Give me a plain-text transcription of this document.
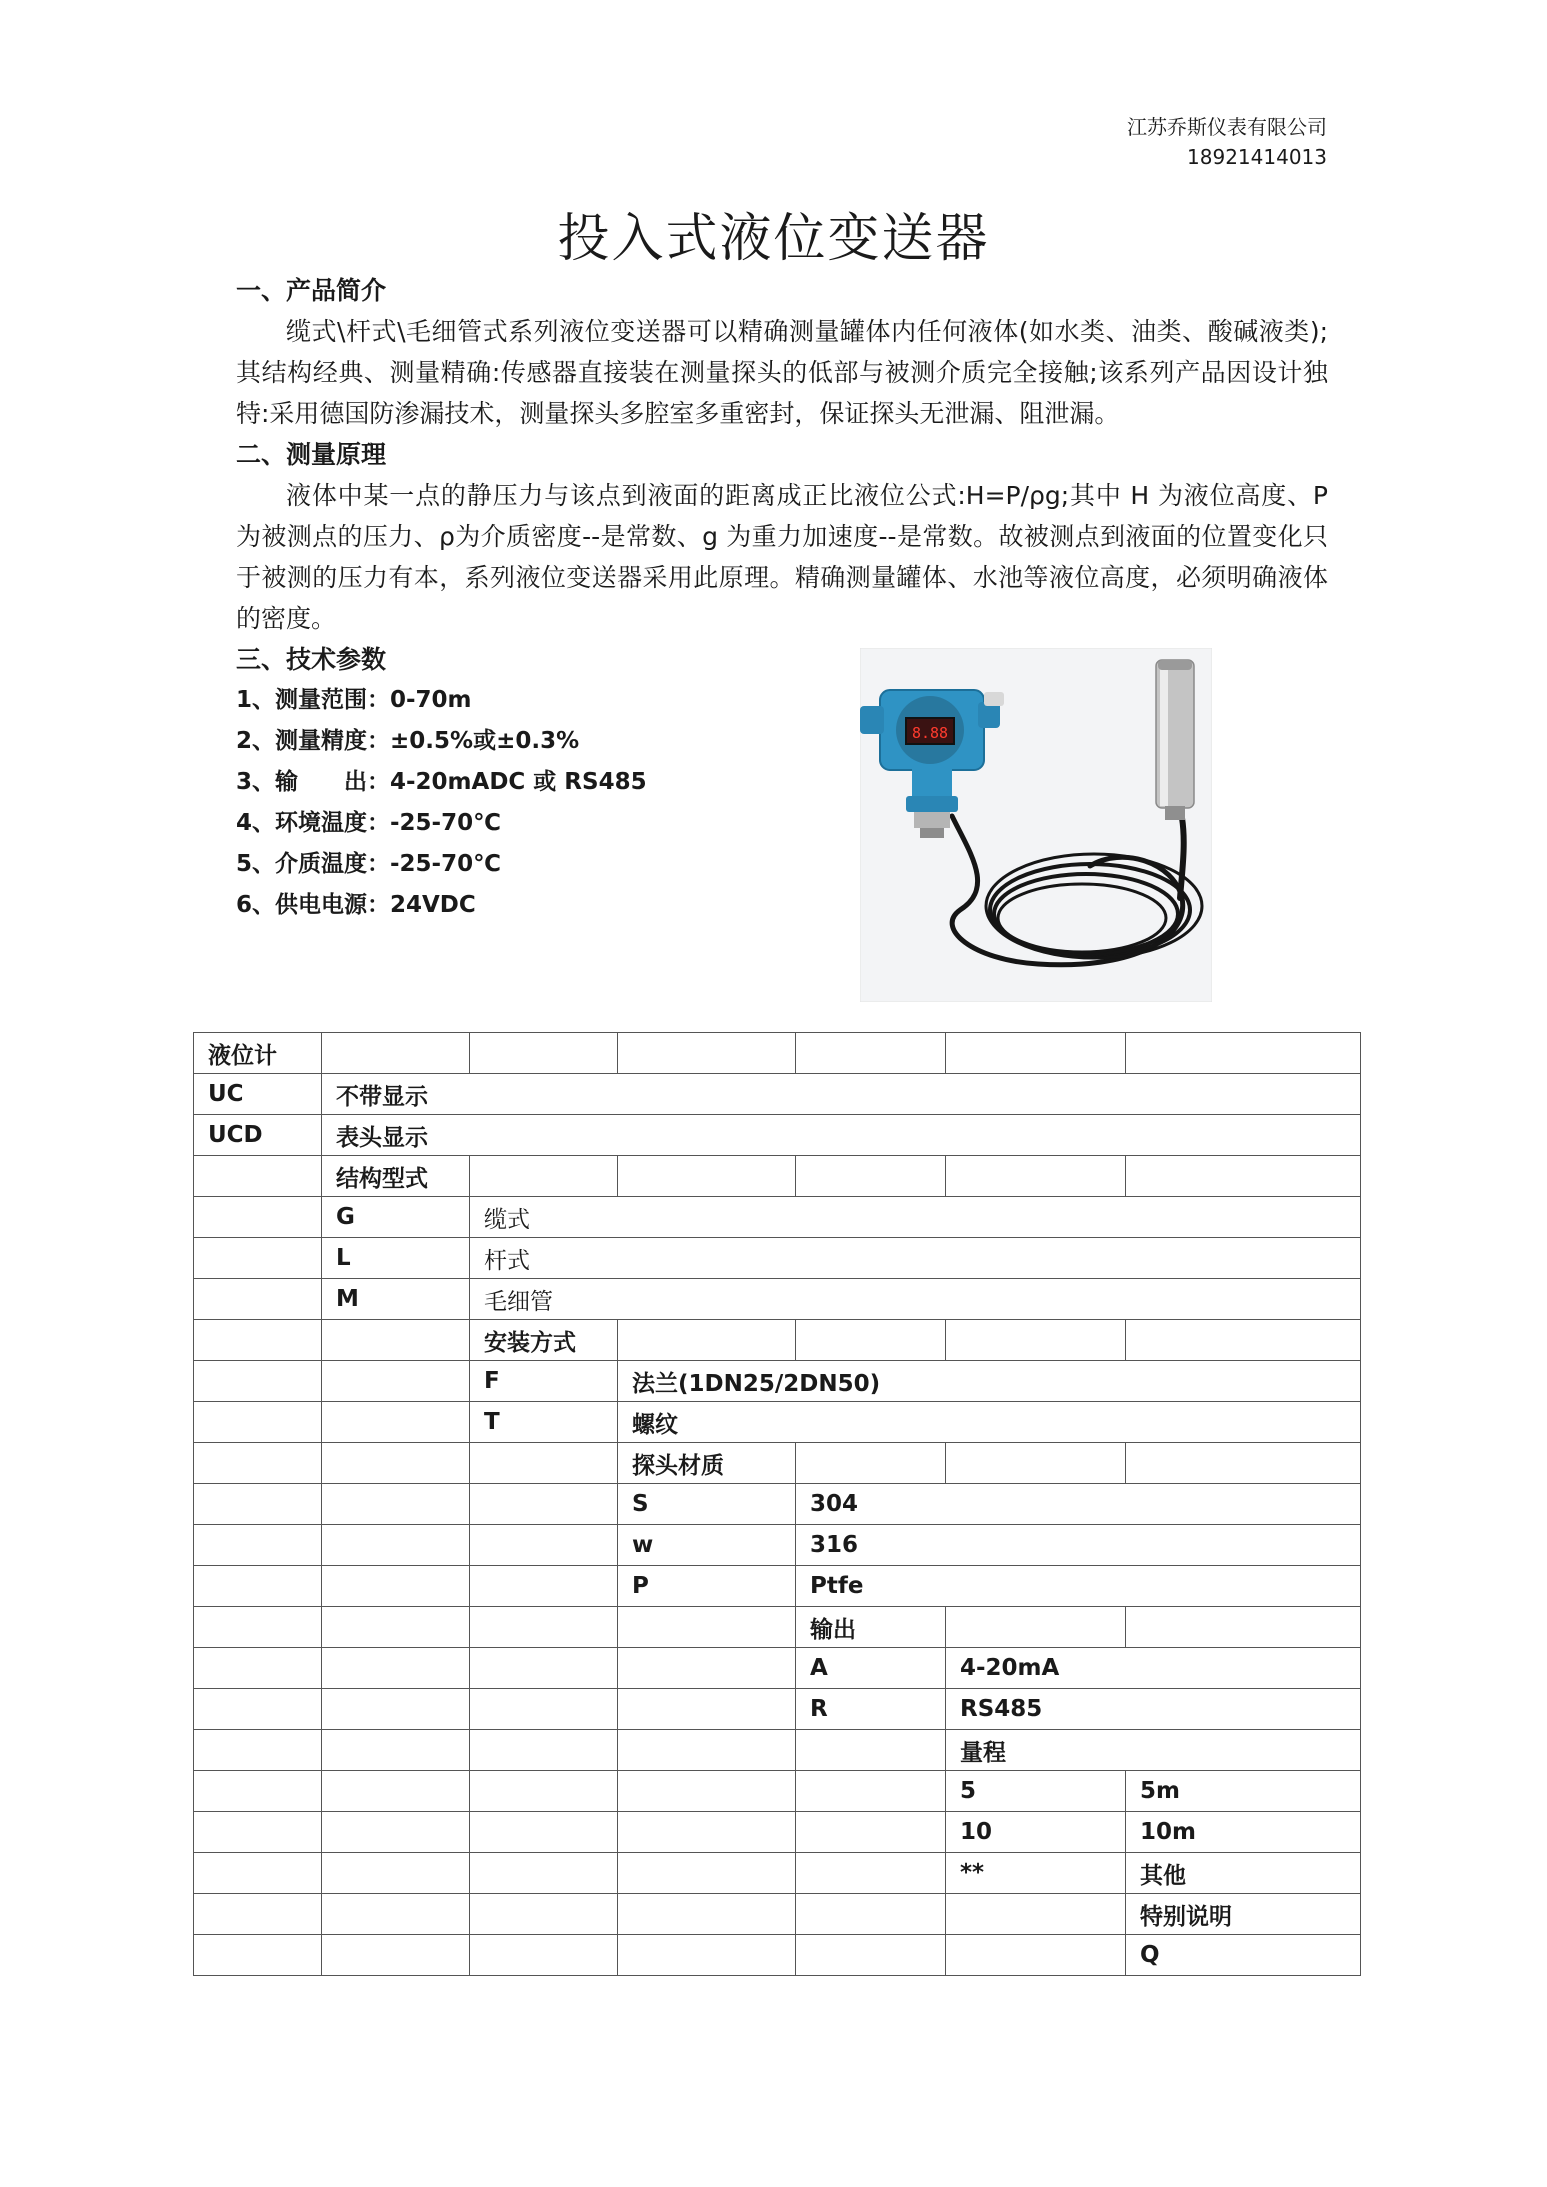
江苏乔斯仪表有限公司
18921414013
投入式液位变送器
一、产品简介

缆式\杆式\毛细管式系列液位变送器可以精确测量罐体内任何液体(如水类、油类、酸碱液类);其结构经典、测量精确:传感器直接装在测量探头的低部与被测介质完全接触;该系列产品因设计独特:采用德国防渗漏技术，测量探头多腔室多重密封，保证探头无泄漏、阻泄漏。

二、测量原理

液体中某一点的静压力与该点到液面的距离成正比液位公式:H=P/ρg;其中 H 为液位高度、P 为被测点的压力、ρ为介质密度--是常数、g 为重力加速度--是常数。故被测点到液面的位置变化只于被测的压力有本，系列液位变送器采用此原理。精确测量罐体、水池等液位高度，必须明确液体的密度。

三、技术参数
1、测量范围：0-70m
2、测量精度：±0.5%或±0.3%
3、输　　出：4-20mADC 或 RS485
4、环境温度：-25-70℃
5、介质温度：-25-70℃
6、供电电源：24VDC
8.88
液位计						
UC	不带显示					
UCD	表头显示					
	结构型式					
	G	缆式				
	L	杆式				
	M	毛细管				
		安装方式				
		F	法兰(1DN25/2DN50)			
		T	螺纹			
			探头材质			
			S	304		
			w	316		
			P	Ptfe		
				输出		
				A	4-20mA	
				R	RS485	
					量程	
					5	5m
					10	10m
					**	其他
						特别说明
						Q
